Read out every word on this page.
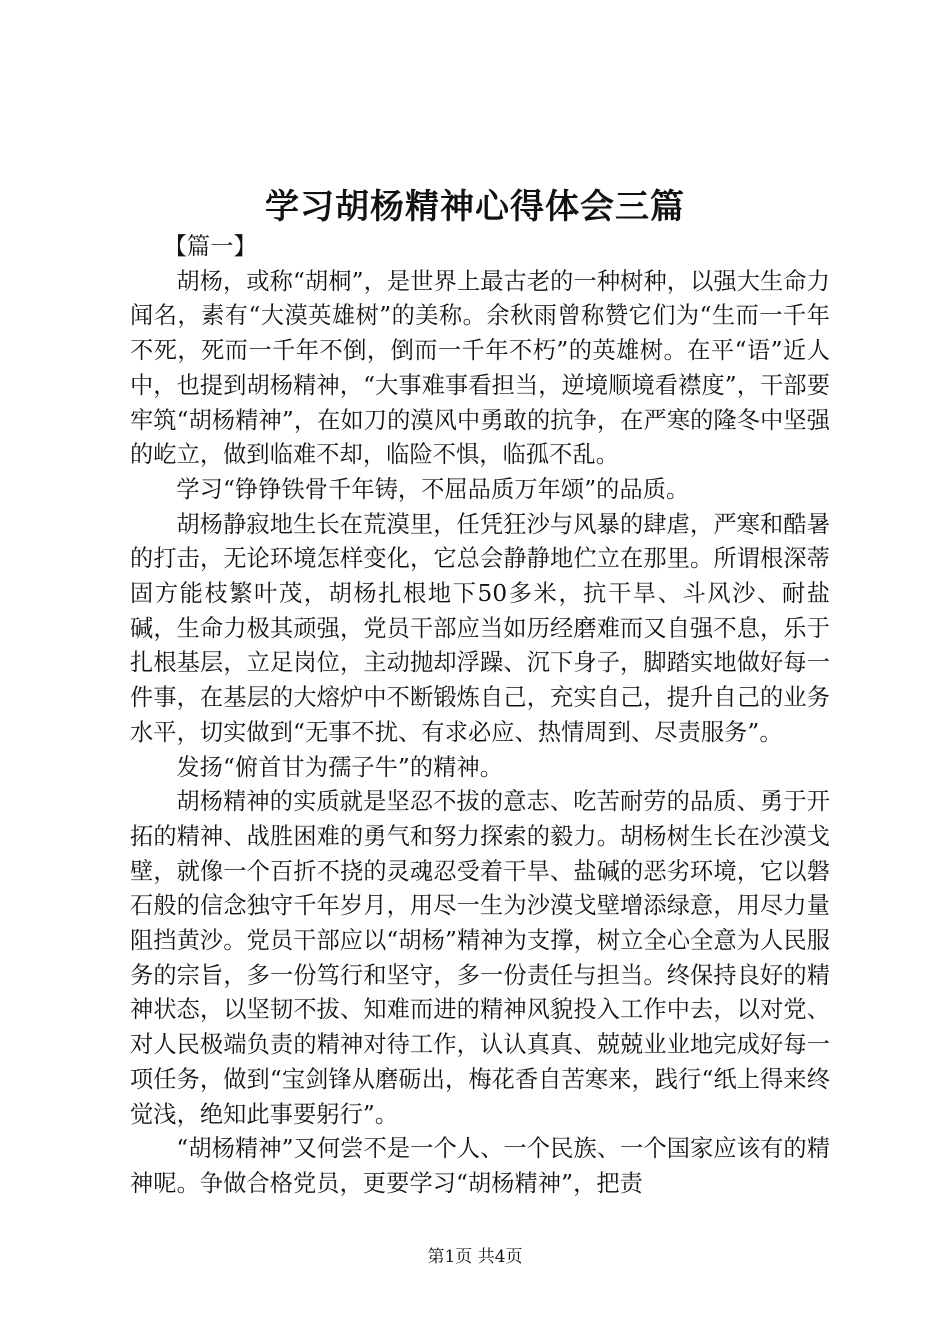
学习胡杨精神心得体会三篇

【篇一】

胡杨，或称“胡桐”，是世界上最古老的一种树种，以强大生命力闻名，素有“大漠英雄树”的美称。余秋雨曾称赞它们为“生而一千年不死，死而一千年不倒，倒而一千年不朽”的英雄树。在平“语”近人中，也提到胡杨精神，“大事难事看担当，逆境顺境看襟度”，干部要牢筑“胡杨精神”，在如刀的漠风中勇敢的抗争，在严寒的隆冬中坚强的屹立，做到临难不却，临险不惧，临孤不乱。

学习“铮铮铁骨千年铸，不屈品质万年颂”的品质。

胡杨静寂地生长在荒漠里，任凭狂沙与风暴的肆虐，严寒和酷暑的打击，无论环境怎样变化，它总会静静地伫立在那里。所谓根深蒂固方能枝繁叶茂，胡杨扎根地下50多米，抗干旱、斗风沙、耐盐碱，生命力极其顽强，党员干部应当如历经磨难而又自强不息，乐于扎根基层，立足岗位，主动抛却浮躁、沉下身子，脚踏实地做好每一件事，在基层的大熔炉中不断锻炼自己，充实自己，提升自己的业务水平，切实做到“无事不扰、有求必应、热情周到、尽责服务”。

发扬“俯首甘为孺子牛”的精神。

胡杨精神的实质就是坚忍不拔的意志、吃苦耐劳的品质、勇于开拓的精神、战胜困难的勇气和努力探索的毅力。胡杨树生长在沙漠戈壁，就像一个百折不挠的灵魂忍受着干旱、盐碱的恶劣环境，它以磐石般的信念独守千年岁月，用尽一生为沙漠戈壁增添绿意，用尽力量阻挡黄沙。党员干部应以“胡杨”精神为支撑，树立全心全意为人民服务的宗旨，多一份笃行和坚守，多一份责任与担当。终保持良好的精神状态，以坚韧不拔、知难而进的精神风貌投入工作中去，以对党、对人民极端负责的精神对待工作，认认真真、兢兢业业地完成好每一项任务，做到“宝剑锋从磨砺出，梅花香自苦寒来，践行“纸上得来终觉浅，绝知此事要躬行”。

“胡杨精神”又何尝不是一个人、一个民族、一个国家应该有的精神呢。争做合格党员，更要学习“胡杨精神”，把责

第1页 共4页
